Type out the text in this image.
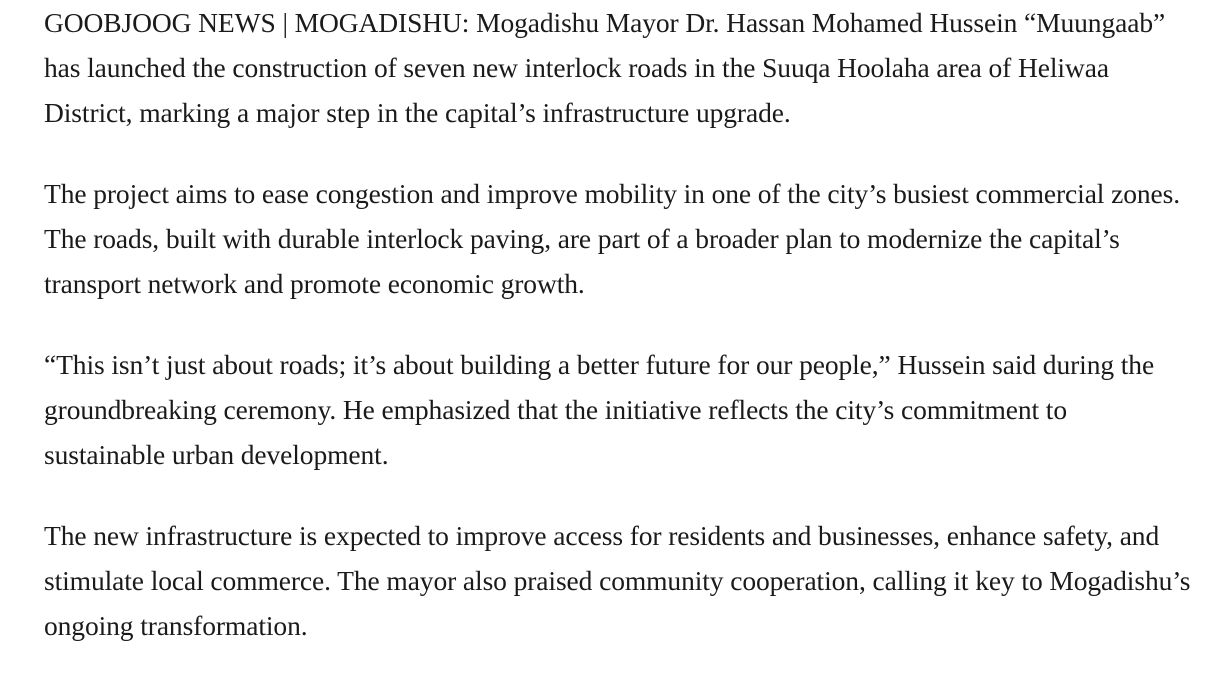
GOOBJOOG NEWS | MOGADISHU: Mogadishu Mayor Dr. Hassan Mohamed Hussein “Muungaab” has launched the construction of seven new interlock roads in the Suuqa Hoolaha area of Heliwaa District, marking a major step in the capital’s infrastructure upgrade.

The project aims to ease congestion and improve mobility in one of the city’s busiest commercial zones. The roads, built with durable interlock paving, are part of a broader plan to modernize the capital’s transport network and promote economic growth.

“This isn’t just about roads; it’s about building a better future for our people,” Hussein said during the groundbreaking ceremony. He emphasized that the initiative reflects the city’s commitment to sustainable urban development.

The new infrastructure is expected to improve access for residents and businesses, enhance safety, and stimulate local commerce. The mayor also praised community cooperation, calling it key to Mogadishu’s ongoing transformation.
